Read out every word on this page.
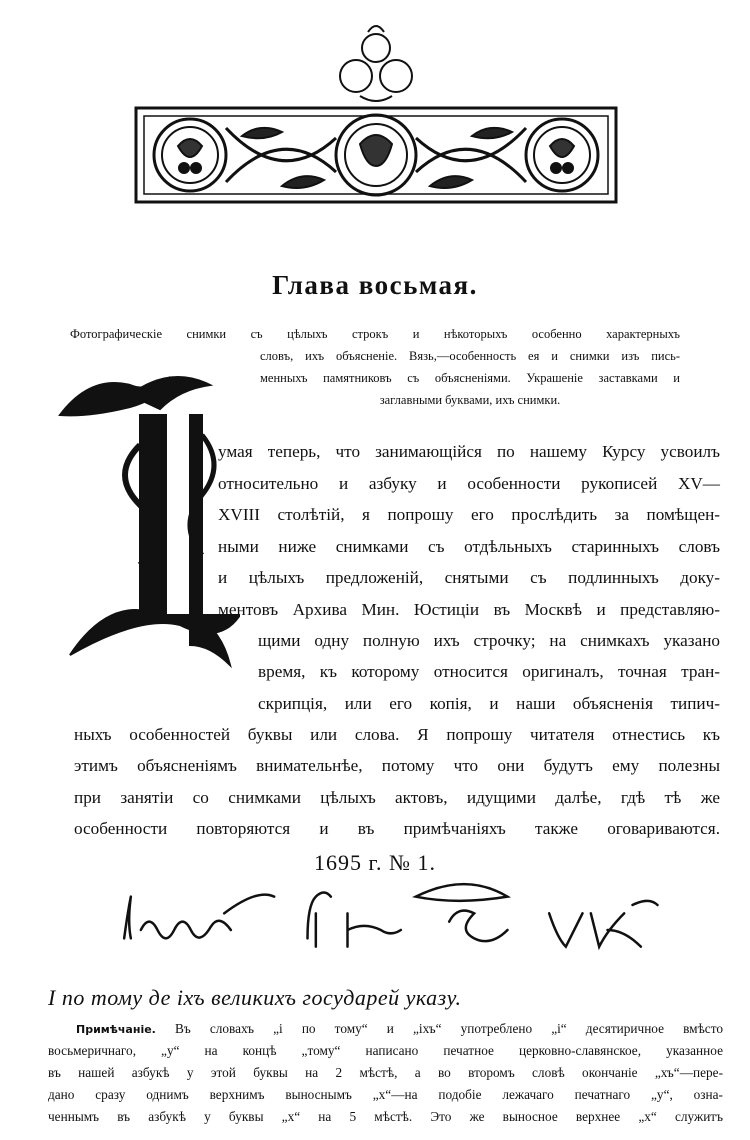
Глава восьмая.
Фотографическiе снимки съ цѣлыхъ строкъ и нѣкоторыхъ особенно характерныхъ
словъ, ихъ объясненiе. Вязь,—особенность ея и снимки изъ пись-
менныхъ памятниковъ съ объясненiями. Украшенiе заставками и
заглавными буквами, ихъ снимки.
умая теперь, что занимающiйся по нашему Курсу усвоилъ
относительно и азбуку и особенности рукописей XV—
XVIII столѣтiй, я попрошу его прослѣдить за помѣщен-
ными ниже снимками съ отдѣльныхъ старинныхъ словъ
и цѣлыхъ предложенiй, снятыми съ подлинныхъ доку-
ментовъ Архива Мин. Юстицiи въ Москвѣ и представляю-
щими одну полную ихъ строчку; на снимкахъ указано
время, къ которому относится оригиналъ, точная тран-
скрипцiя, или его копiя, и наши объясненiя типич-
ныхъ особенностей буквы или слова. Я попрошу читателя отнестись къ
этимъ объясненiямъ внимательнѣе, потому что они будутъ ему полезны
при занятiи со снимками цѣлыхъ актовъ, идущими далѣе, гдѣ тѣ же
особенности повторяются и въ примѣчанiяхъ также оговариваются.
1695 г. № 1.
I по тому де iхъ великихъ государей указу.
Примѣчанiе. Въ словахъ „i по тому“ и „iхъ“ употреблено „i“ десятиричное вмѣсто
восьмеричнаго, „у“ на концѣ „тому“ написано печатное церковно-славянское, указанное
въ нашей азбукѣ у этой буквы на 2 мѣстѣ, а во второмъ словѣ окончанiе „хъ“—пере-
дано сразу однимъ верхнимъ выноснымъ „х“—на подобiе лежачаго печатнаго „у“, озна-
ченнымъ въ азбукѣ у буквы „х“ на 5 мѣстѣ. Это же выносное верхнее „х“ служитъ
